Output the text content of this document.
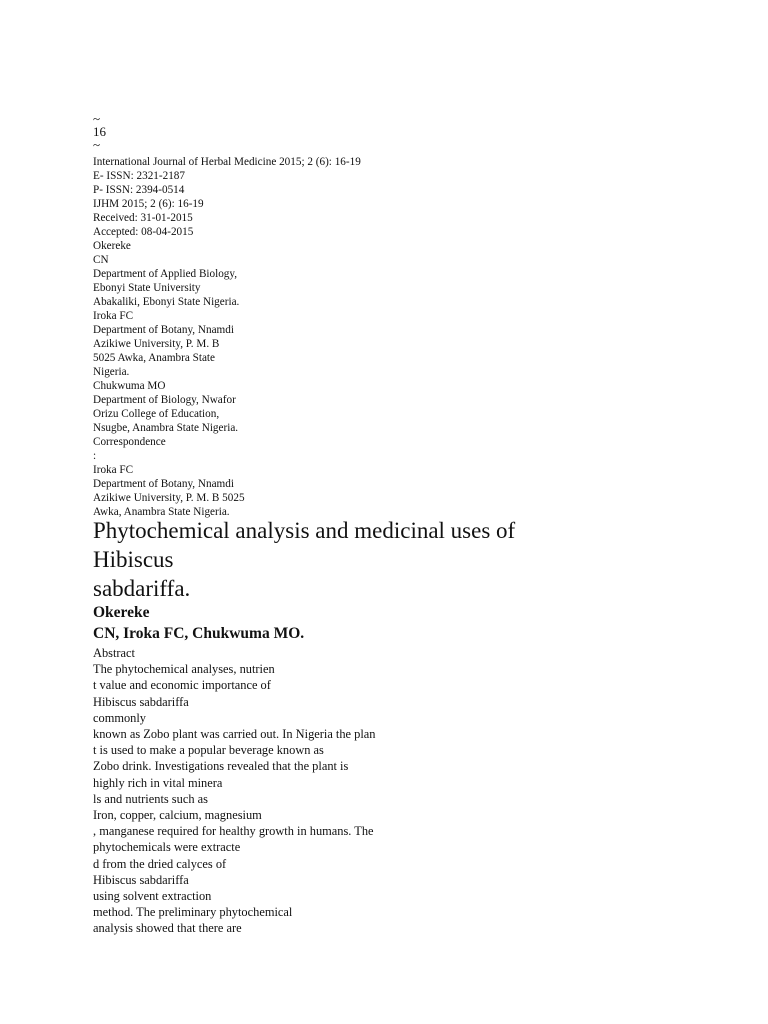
~
16
~
International Journal of Herbal Medicine 2015; 2 (6): 16-19
E- ISSN: 2321-2187
P- ISSN: 2394-0514
IJHM 2015; 2 (6): 16-19
Received: 31-01-2015
Accepted: 08-04-2015
Okereke
CN
Department of Applied Biology,
Ebonyi State University
Abakaliki, Ebonyi State Nigeria.
Iroka FC
Department of Botany, Nnamdi
Azikiwe University, P. M. B
5025 Awka, Anambra State
Nigeria.
Chukwuma MO
Department of Biology, Nwafor
Orizu College of Education,
Nsugbe, Anambra State Nigeria.
Correspondence
:
Iroka FC
Department of Botany, Nnamdi
Azikiwe University, P. M. B 5025
Awka, Anambra State Nigeria.
Phytochemical analysis and medicinal uses of
Hibiscus
sabdariffa.
Okereke
CN, Iroka FC, Chukwuma MO.
Abstract
The phytochemical analyses, nutrien
t value and economic importance of
Hibiscus sabdariffa
commonly
known as Zobo plant was carried out. In Nigeria the plan
t is used to make a popular beverage known as
Zobo drink. Investigations revealed that the plant is
highly rich in vital minera
ls and nutrients such as
Iron, copper, calcium, magnesium
, manganese required for healthy growth in humans. The
phytochemicals were extracte
d from the dried calyces of
Hibiscus sabdariffa
using solvent extraction
method. The preliminary phytochemical
analysis showed that there are
